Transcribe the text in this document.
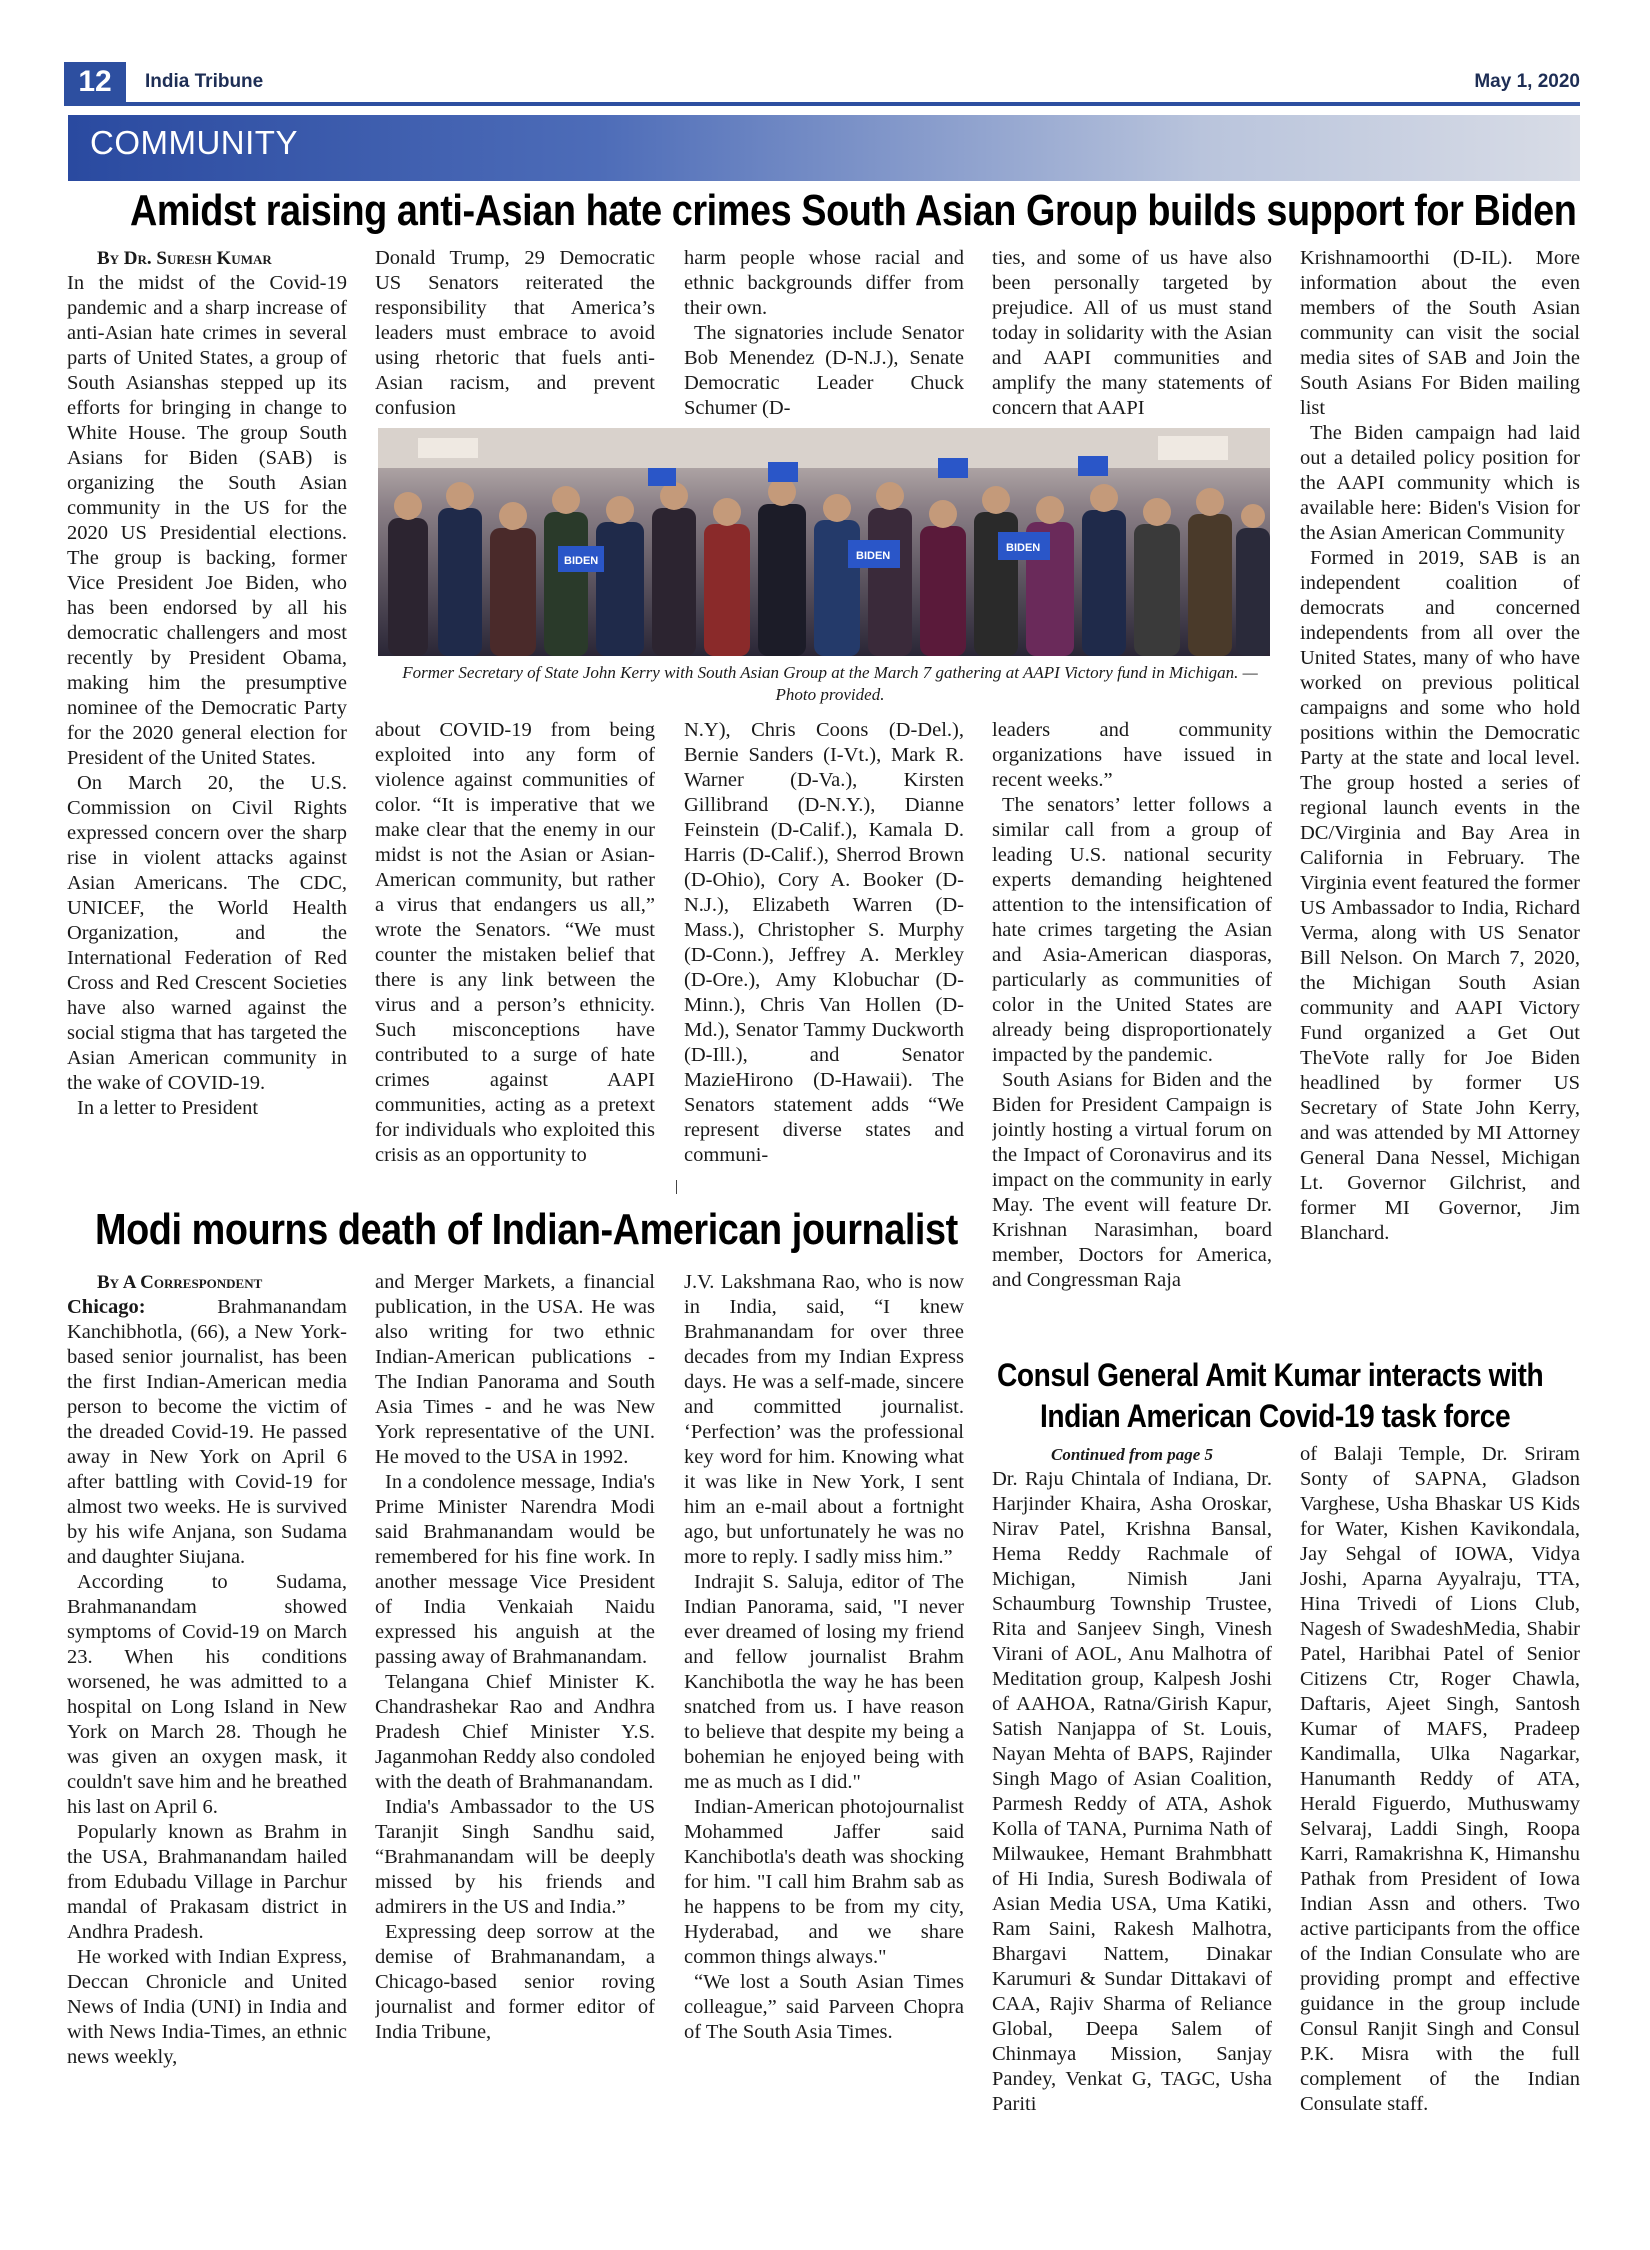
12	India Tribune	May 1, 2020
COMMUNITY
Amidst raising anti-Asian hate crimes South Asian Group builds support for Biden

By Dr. Suresh Kumar

In the midst of the Covid-19 pandemic and a sharp increase of anti-Asian hate crimes in several parts of United States, a group of South Asianshas stepped up its efforts for bringing in change to White House. The group South Asians for Biden (SAB) is organizing the South Asian community in the US for the 2020 US Presidential elections. The group is backing, former Vice President Joe Biden, who has been endorsed by all his democratic challengers and most recently by President Obama, making him the presumptive nominee of the Democratic Party for the 2020 general election for President of the United States.

On March 20, the U.S. Commission on Civil Rights expressed concern over the sharp rise in violent attacks against Asian Americans. The CDC, UNICEF, the World Health Organization, and the International Federation of Red Cross and Red Crescent Societies have also warned against the social stigma that has targeted the Asian American community in the wake of COVID-19.

In a letter to President

Donald Trump, 29 Democratic US Senators reiterated the responsibility that America’s leaders must embrace to avoid using rhetoric that fuels anti-Asian racism, and prevent confusion

harm people whose racial and ethnic backgrounds differ from their own.

The signatories include Senator Bob Menendez (D-N.J.), Senate Democratic Leader Chuck Schumer (D-

ties, and some of us have also been personally targeted by prejudice. All of us must stand today in solidarity with the Asian and AAPI communities and amplify the many statements of concern that AAPI

BIDEN	BIDEN
BIDEN
Former Secretary of State John Kerry with South Asian Group at the March 7 gathering at AAPI Victory fund in Michigan. — Photo provided.

about COVID-19 from being exploited into any form of violence against communities of color. “It is imperative that we make clear that the enemy in our midst is not the Asian or Asian-American community, but rather a virus that endangers us all,” wrote the Senators. “We must counter the mistaken belief that there is any link between the virus and a person’s ethnicity. Such misconceptions have contributed to a surge of hate crimes against AAPI communities, acting as a pretext for individuals who exploited this crisis as an opportunity to

N.Y), Chris Coons (D-Del.), Bernie Sanders (I-Vt.), Mark R. Warner (D-Va.), Kirsten Gillibrand (D-N.Y.), Dianne Feinstein (D-Calif.), Kamala D. Harris (D-Calif.), Sherrod Brown (D-Ohio), Cory A. Booker (D-N.J.), Elizabeth Warren (D-Mass.), Christopher S. Murphy (D-Conn.), Jeffrey A. Merkley (D-Ore.), Amy Klobuchar (D-Minn.), Chris Van Hollen (D-Md.), Senator Tammy Duckworth (D-Ill.), and Senator MazieHirono (D-Hawaii). The Senators statement adds “We represent diverse states and communi-

leaders and community organizations have issued in recent weeks.”

The senators’ letter follows a similar call from a group of leading U.S. national security experts demanding heightened attention to the intensification of hate crimes targeting the Asian and Asia-American diasporas, particularly as communities of color in the United States are already being disproportionately impacted by the pandemic.

South Asians for Biden and the Biden for President Campaign is jointly hosting a virtual forum on the Impact of Coronavirus and its impact on the community in early May. The event will feature Dr. Krishnan Narasimhan, board member, Doctors for America, and Congressman Raja

Krishnamoorthi (D-IL). More information about the even members of the South Asian community can visit the social media sites of SAB and Join the South Asians For Biden mailing list

The Biden campaign had laid out a detailed policy position for the AAPI community which is available here: Biden's Vision for the Asian American Community

Formed in 2019, SAB is an independent coalition of democrats and concerned independents from all over the United States, many of who have worked on previous political campaigns and some who hold positions within the Democratic Party at the state and local level. The group hosted a series of regional launch events in the DC/Virginia and Bay Area in California in February. The Virginia event featured the former US Ambassador to India, Richard Verma, along with US Senator Bill Nelson. On March 7, 2020, the Michigan South Asian community and AAPI Victory Fund organized a Get Out TheVote rally for Joe Biden headlined by former US Secretary of State John Kerry, and was attended by MI Attorney General Dana Nessel, Michigan Lt. Governor Gilchrist, and former MI Governor, Jim Blanchard.

Modi mourns death of Indian-American journalist

By A Correspondent

Chicago:	Brahmanandam Kanchibhotla, (66), a New York-based senior journalist, has been the first Indian-American media person to become the victim of the dreaded Covid-19. He passed away in New York on April 6 after battling with Covid-19 for almost two weeks. He is survived by his wife Anjana, son Sudama and daughter Siujana.

According to Sudama, Brahmanandam showed symptoms of Covid-19 on March 23. When his conditions worsened, he was admitted to a hospital on Long Island in New York on March 28. Though he was given an oxygen mask, it couldn't save him and he breathed his last on April 6.

Popularly known as Brahm in the USA, Brahmanandam hailed from Edubadu Village in Parchur mandal of Prakasam district in Andhra Pradesh.

He worked with Indian Express, Deccan Chronicle and United News of India (UNI) in India and with News India-Times, an ethnic news weekly,

and Merger Markets, a financial publication, in the USA. He was also writing for two ethnic Indian-American publications - The Indian Panorama and South Asia Times - and he was New York representative of the UNI. He moved to the USA in 1992.

In a condolence message, India's Prime Minister Narendra Modi said Brahmanandam would be remembered for his fine work. In another message Vice President of India Venkaiah Naidu expressed his anguish at the passing away of Brahmanandam.

Telangana Chief Minister K. Chandrashekar Rao and Andhra Pradesh Chief Minister Y.S. Jaganmohan Reddy also condoled with the death of Brahmanandam.

India's Ambassador to the US Taranjit Singh Sandhu said, “Brahmanandam will be deeply missed by his friends and admirers in the US and India.”

Expressing deep sorrow at the demise of Brahmanandam, a Chicago-based senior roving journalist and former editor of India Tribune,

J.V. Lakshmana Rao, who is now in India, said, “I knew Brahmanandam for over three decades from my Indian Express days. He was a self-made, sincere and committed journalist. ‘Perfection’ was the professional key word for him. Knowing what it was like in New York, I sent him an e-mail about a fortnight ago, but unfortunately he was no more to reply. I sadly miss him.”

Indrajit S. Saluja, editor of The Indian Panorama, said, "I never ever dreamed of losing my friend and fellow journalist Brahm Kanchibotla the way he has been snatched from us. I have reason to believe that despite my being a bohemian he enjoyed being with me as much as I did."

Indian-American photojournalist Mohammed Jaffer said Kanchibotla's death was shocking for him. "I call him Brahm sab as he happens to be from my city, Hyderabad, and we share common things always."

“We lost a South Asian Times colleague,” said Parveen Chopra of The South Asia Times.

Consul General Amit Kumar interacts with
Indian American Covid-19 task force

Continued from page 5

Dr. Raju Chintala of Indiana, Dr. Harjinder Khaira, Asha Oroskar, Nirav Patel, Krishna Bansal, Hema Reddy Rachmale of Michigan, Nimish Jani Schaumburg Township Trustee, Rita and Sanjeev Singh, Vinesh Virani of AOL, Anu Malhotra of Meditation group, Kalpesh Joshi of AAHOA, Ratna/Girish Kapur, Satish Nanjappa of St. Louis, Nayan Mehta of BAPS, Rajinder Singh Mago of Asian Coalition, Parmesh Reddy of ATA, Ashok Kolla of TANA, Purnima Nath of Milwaukee, Hemant Brahmbhatt of Hi India, Suresh Bodiwala of Asian Media USA, Uma Katiki, Ram Saini, Rakesh Malhotra, Bhargavi Nattem, Dinakar Karumuri & Sundar Dittakavi of CAA, Rajiv Sharma of Reliance Global, Deepa Salem of Chinmaya Mission, Sanjay Pandey, Venkat G, TAGC, Usha Pariti

of Balaji Temple, Dr. Sriram Sonty of SAPNA, Gladson Varghese, Usha Bhaskar US Kids for Water, Kishen Kavikondala, Jay Sehgal of IOWA, Vidya Joshi, Aparna Ayyalraju, TTA, Hina Trivedi of Lions Club, Nagesh of SwadeshMedia, Shabir Patel, Haribhai Patel of Senior Citizens Ctr, Roger Chawla, Daftaris, Ajeet Singh, Santosh Kumar of MAFS, Pradeep Kandimalla, Ulka Nagarkar, Hanumanth Reddy of ATA, Herald Figuerdo, Muthuswamy Selvaraj, Laddi Singh, Roopa Karri, Ramakrishna K, Himanshu Pathak from President of Iowa Indian Assn and others. Two active participants from the office of the Indian Consulate who are providing prompt and effective guidance in the group include Consul Ranjit Singh and Consul P.K. Misra with the full complement of the Indian Consulate staff.
